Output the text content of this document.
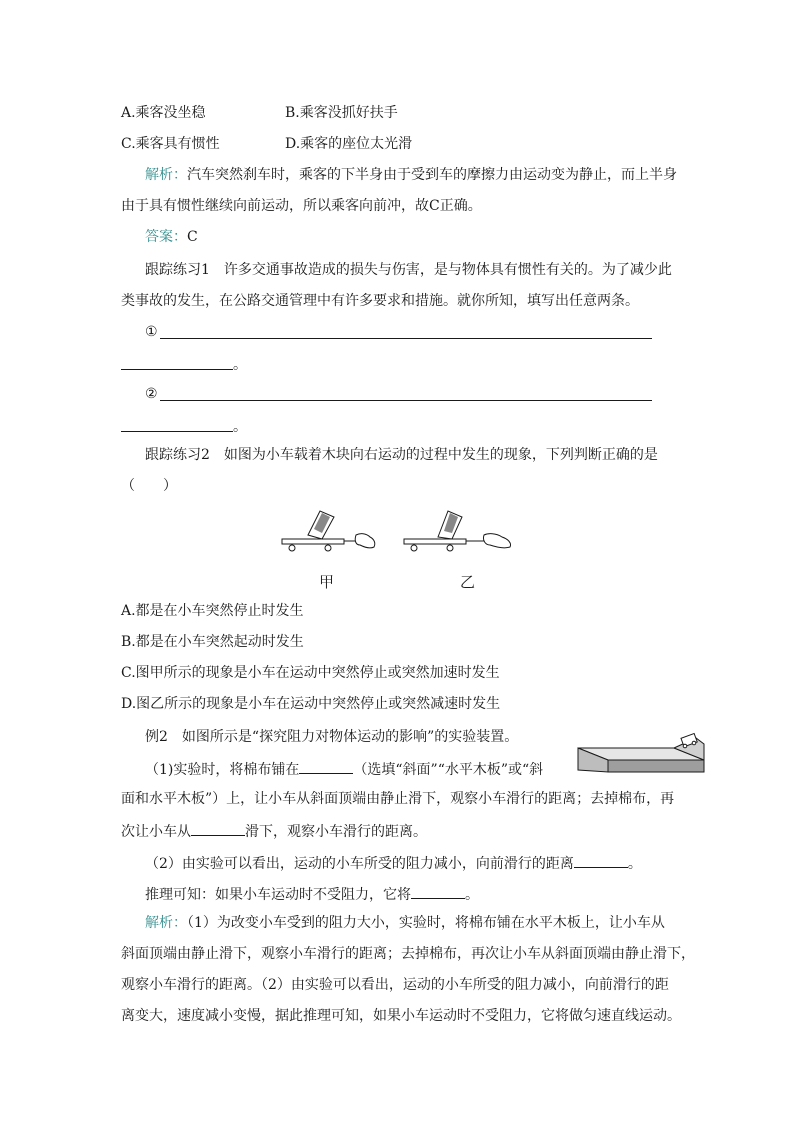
A.乘客没坐稳	B.乘客没抓好扶手
C.乘客具有惯性	D.乘客的座位太光滑
解析：汽车突然刹车时，乘客的下半身由于受到车的摩擦力由运动变为静止，而上半身
由于具有惯性继续向前运动，所以乘客向前冲，故C正确。
答案：C
跟踪练习1　许多交通事故造成的损失与伤害，是与物体具有惯性有关的。为了减少此
类事故的发生，在公路交通管理中有许多要求和措施。就你所知，填写出任意两条。
①
。
②
。
跟踪练习2　如图为小车载着木块向右运动的过程中发生的现象，下列判断正确的是
（　　）
甲	乙
A.都是在小车突然停止时发生
B.都是在小车突然起动时发生
C.图甲所示的现象是小车在运动中突然停止或突然加速时发生
D.图乙所示的现象是小车在运动中突然停止或突然减速时发生
例2　如图所示是“探究阻力对物体运动的影响”的实验装置。
（1)实验时，将棉布铺在	（选填“斜面”“水平木板”或“斜
面和水平木板”）上，让小车从斜面顶端由静止滑下，观察小车滑行的距离；去掉棉布，再
次让小车从	滑下，观察小车滑行的距离。
（2）由实验可以看出，运动的小车所受的阻力减小，向前滑行的距离	。
推理可知：如果小车运动时不受阻力，它将	。
解析：（1）为改变小车受到的阻力大小，实验时，将棉布铺在水平木板上，让小车从
斜面顶端由静止滑下，观察小车滑行的距离；去掉棉布，再次让小车从斜面顶端由静止滑下，
观察小车滑行的距离。（2）由实验可以看出，运动的小车所受的阻力减小，向前滑行的距
离变大，速度减小变慢，据此推理可知，如果小车运动时不受阻力，它将做匀速直线运动。
